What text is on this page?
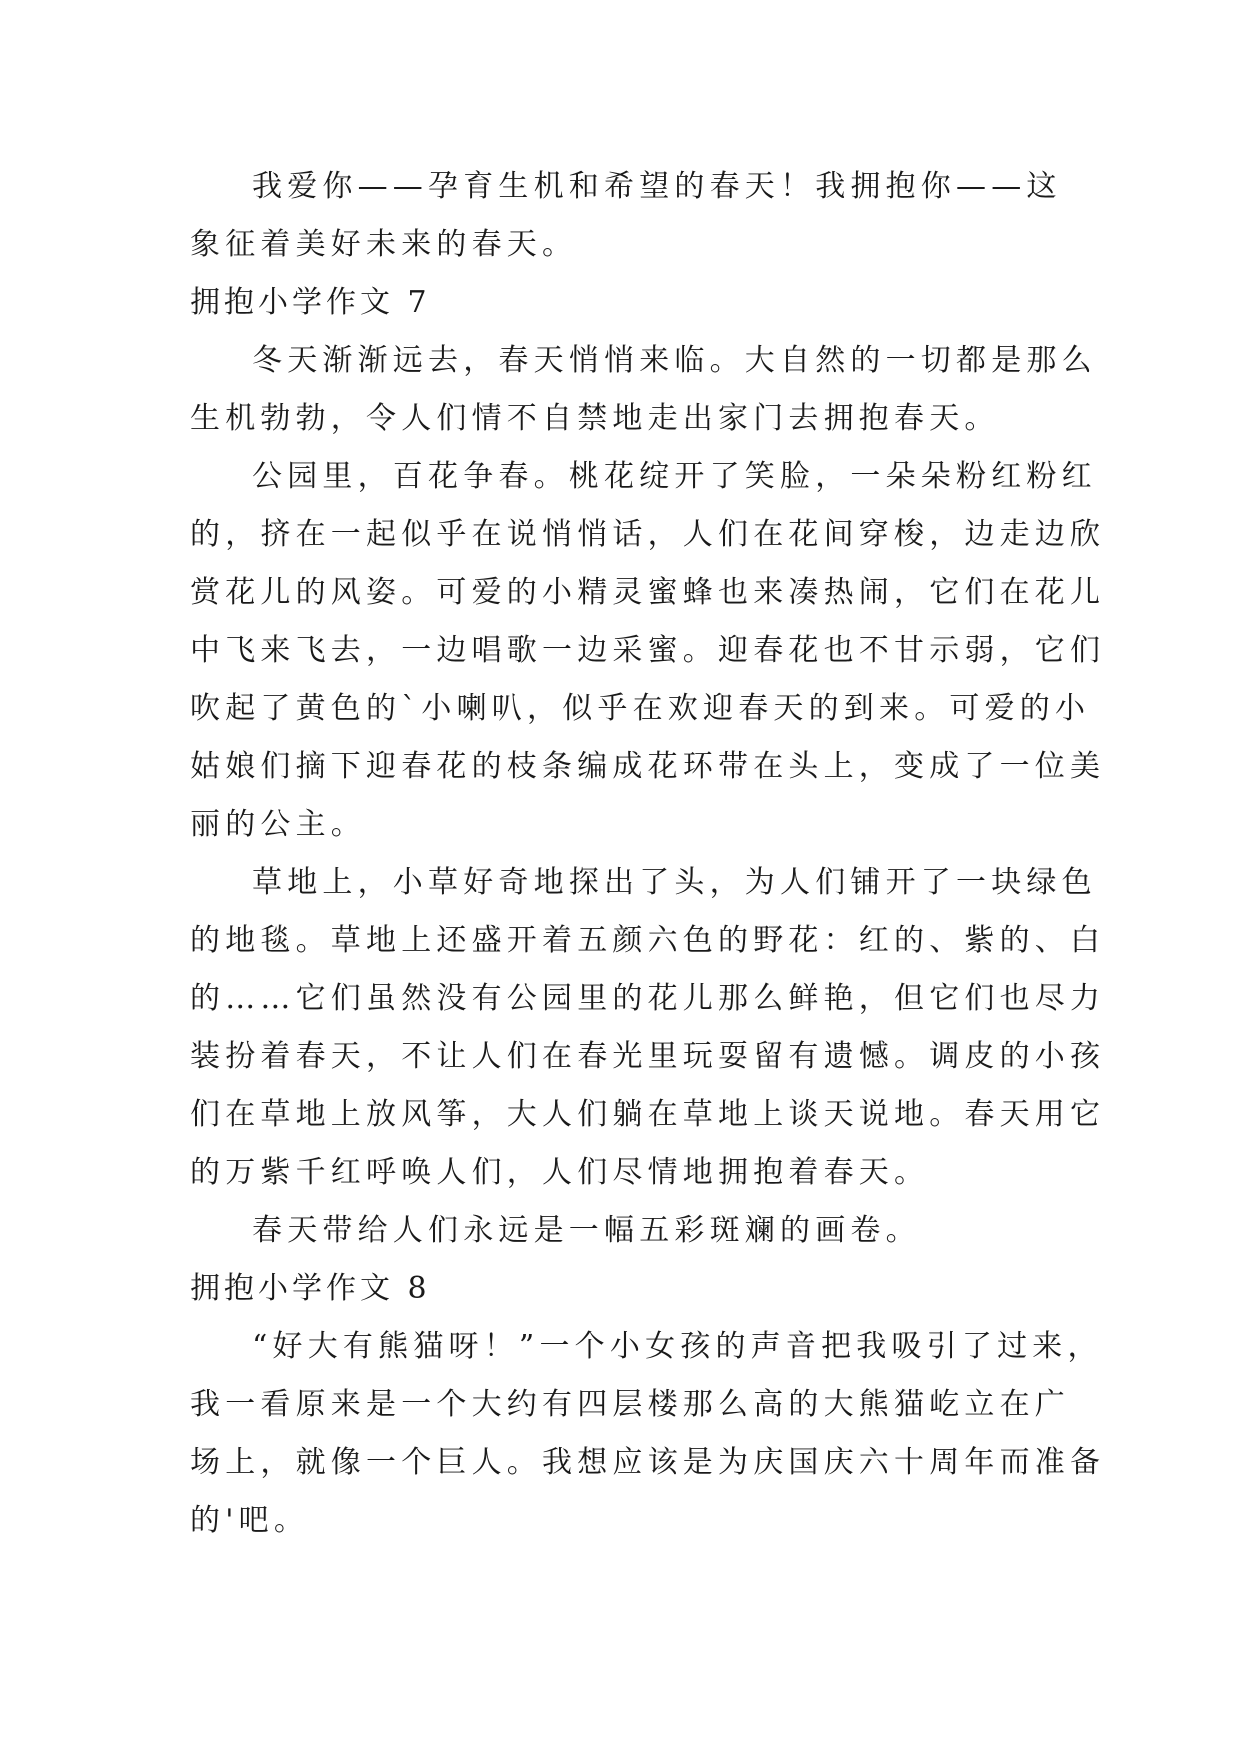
我爱你——孕育生机和希望的春天！我拥抱你——这
象征着美好未来的春天。
拥抱小学作文 7
冬天渐渐远去，春天悄悄来临。大自然的一切都是那么
生机勃勃，令人们情不自禁地走出家门去拥抱春天。
公园里，百花争春。桃花绽开了笑脸，一朵朵粉红粉红
的，挤在一起似乎在说悄悄话，人们在花间穿梭，边走边欣
赏花儿的风姿。可爱的小精灵蜜蜂也来凑热闹，它们在花儿
中飞来飞去，一边唱歌一边采蜜。迎春花也不甘示弱，它们
吹起了黄色的`小喇叭，似乎在欢迎春天的到来。可爱的小
姑娘们摘下迎春花的枝条编成花环带在头上，变成了一位美
丽的公主。
草地上，小草好奇地探出了头，为人们铺开了一块绿色
的地毯。草地上还盛开着五颜六色的野花：红的、紫的、白
的……它们虽然没有公园里的花儿那么鲜艳，但它们也尽力
装扮着春天，不让人们在春光里玩耍留有遗憾。调皮的小孩
们在草地上放风筝，大人们躺在草地上谈天说地。春天用它
的万紫千红呼唤人们，人们尽情地拥抱着春天。
春天带给人们永远是一幅五彩斑斓的画卷。
拥抱小学作文 8
“好大有熊猫呀！”一个小女孩的声音把我吸引了过来，
我一看原来是一个大约有四层楼那么高的大熊猫屹立在广
场上，就像一个巨人。我想应该是为庆国庆六十周年而准备
的'吧。
